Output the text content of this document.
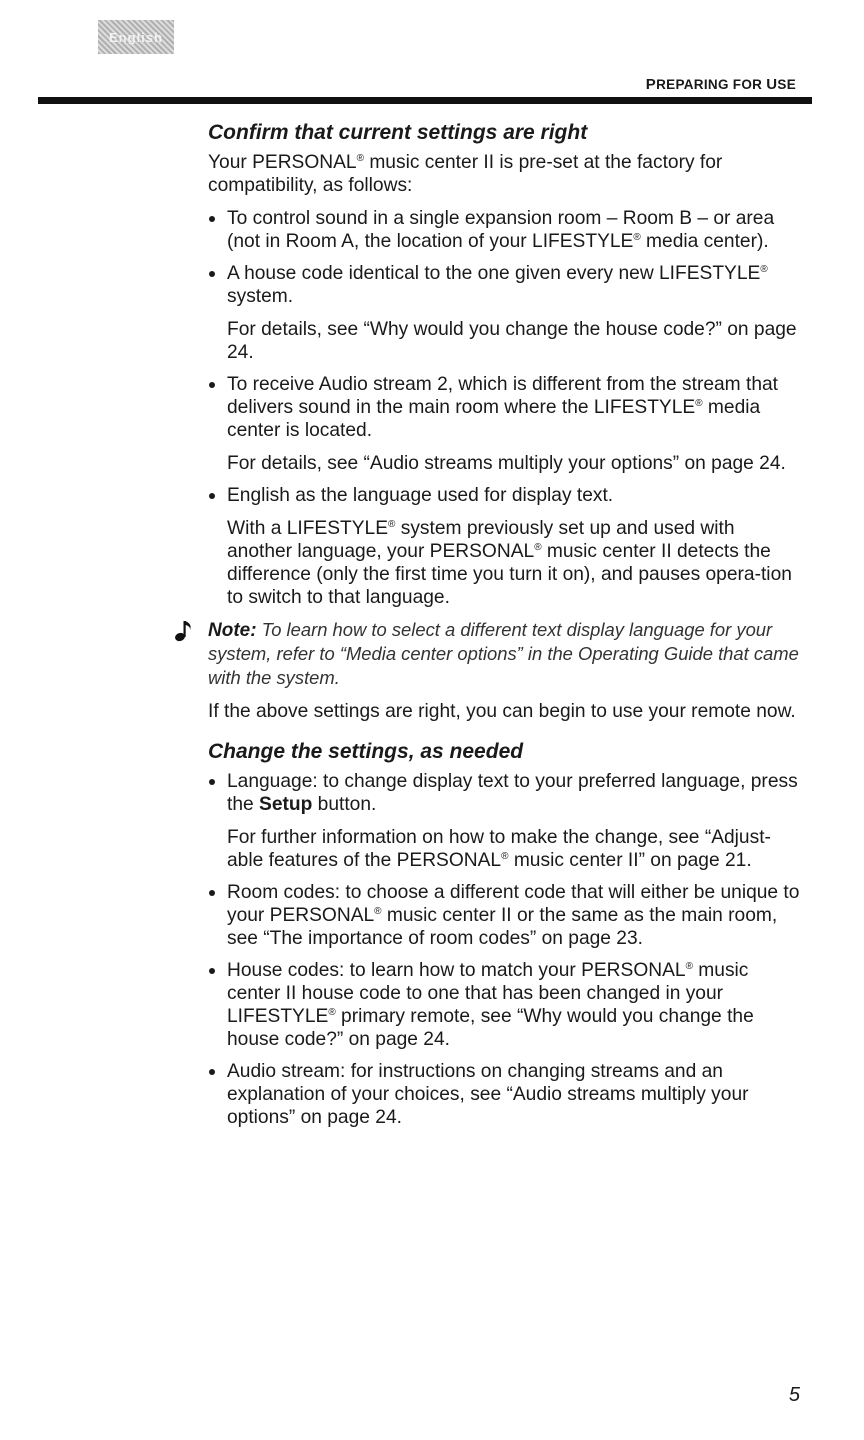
English
PREPARING FOR USE
Confirm that current settings are right

Your PERSONAL® music center II is pre-set at the factory for compatibility, as follows:

To control sound in a single expansion room – Room B – or area (not in Room A, the location of your LIFESTYLE® media center).

A house code identical to the one given every new LIFESTYLE® system.

For details, see “Why would you change the house code?” on page 24.

To receive Audio stream 2, which is different from the stream that delivers sound in the main room where the LIFESTYLE® media center is located.

For details, see “Audio streams multiply your options” on page 24.

English as the language used for display text.

With a LIFESTYLE® system previously set up and used with another language, your PERSONAL® music center II detects the difference (only the first time you turn it on), and pauses opera-tion to switch to that language.

Note: To learn how to select a different text display language for your system, refer to “Media center options” in the Operating Guide that came with the system.

If the above settings are right, you can begin to use your remote now.

Change the settings, as needed

Language: to change display text to your preferred language, press the Setup button.

For further information on how to make the change, see “Adjust-able features of the PERSONAL® music center II” on page 21.

Room codes: to choose a different code that will either be unique to your PERSONAL® music center II or the same as the main room, see “The importance of room codes” on page 23.

House codes: to learn how to match your PERSONAL® music center II house code to one that has been changed in your LIFESTYLE® primary remote, see “Why would you change the house code?” on page 24.

Audio stream: for instructions on changing streams and an explanation of your choices, see “Audio streams multiply your options” on page 24.

5
